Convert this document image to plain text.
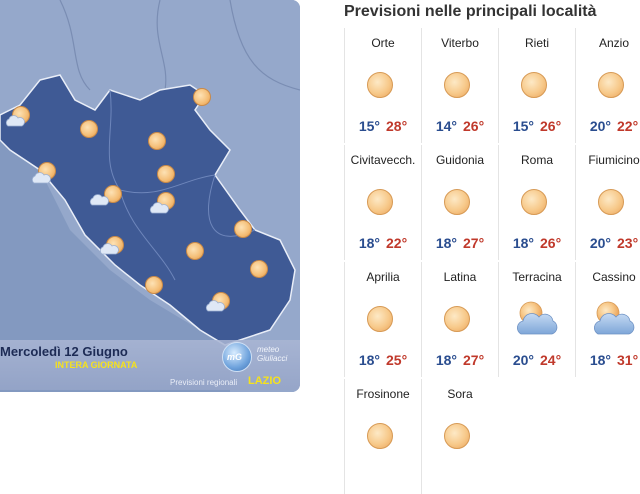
Mercoledì 12 Giugno
INTERA GIORNATA
mG
meteo
Giuliacci
Previsioni regionali LAZIO
Previsioni nelle principali località
Orte
15° 28°
Viterbo
14° 26°
Rieti
15° 26°
Anzio
20° 22°
Civitavecch.
18° 22°
Guidonia
18° 27°
Roma
18° 26°
Fiumicino
20° 23°
Aprilia
18° 25°
Latina
18° 27°
Terracina
20° 24°
Cassino
18° 31°
Frosinone	Sora
